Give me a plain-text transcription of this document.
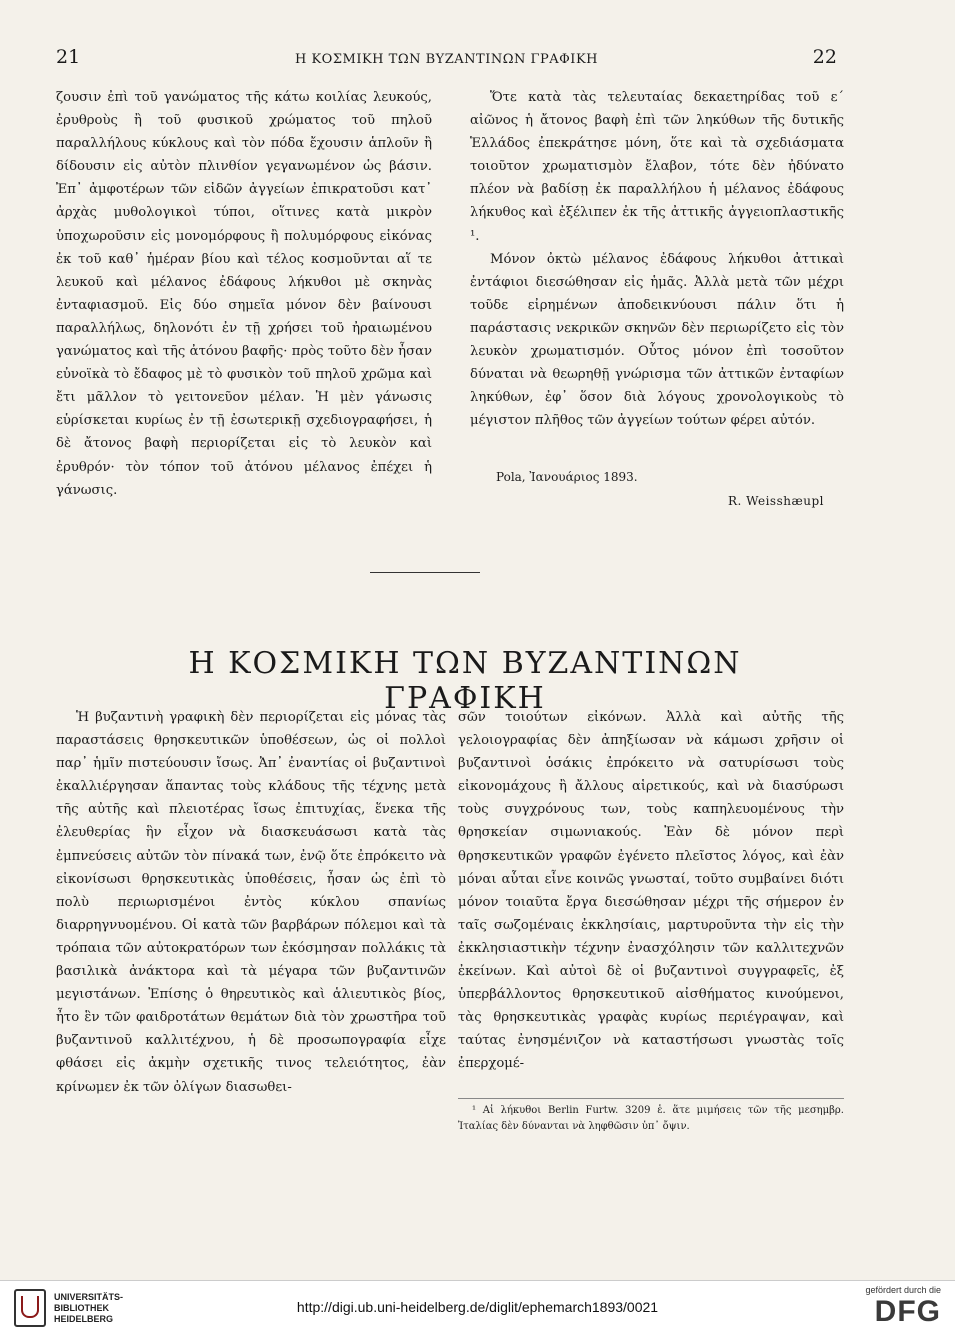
21	Η ΚΟΣΜΙΚΗ ΤΩΝ ΒΥΖΑΝΤΙΝΩΝ ΓΡΑΦΙΚΗ	22

ζουσιν ἐπὶ τοῦ γανώματος τῆς κάτω κοιλίας λευκούς, ἐρυθροὺς ἢ τοῦ φυσικοῦ χρώματος τοῦ πηλοῦ παραλλήλους κύκλους καὶ τὸν πόδα ἔχουσιν ἁπλοῦν ἢ δίδουσιν εἰς αὐτὸν πλινθίον γεγανωμένον ὡς βάσιν. Ἐπ᾽ ἀμφοτέρων τῶν εἰδῶν ἀγγείων ἐπικρατοῦσι κατ᾽ ἀρχὰς μυθολογικοὶ τύποι, οἵτινες κατὰ μικρὸν ὑποχωροῦσιν εἰς μονομόρφους ἢ πολυμόρφους εἰκόνας ἐκ τοῦ καθ᾽ ἡμέραν βίου καὶ τέλος κοσμοῦνται αἵ τε λευκοῦ καὶ μέλανος ἐδάφους λήκυθοι μὲ σκηνὰς ἐνταφιασμοῦ. Εἰς δύο σημεῖα μόνον δὲν βαίνουσι παραλλήλως, δηλονότι ἐν τῇ χρήσει τοῦ ἠραιωμένου γανώματος καὶ τῆς ἀτόνου βαφῆς· πρὸς τοῦτο δὲν ἦσαν εὐνοϊκὰ τὸ ἔδαφος μὲ τὸ φυσικὸν τοῦ πηλοῦ χρῶμα καὶ ἔτι μᾶλλον τὸ γειτονεῦον μέλαν. Ἡ μὲν γάνωσις εὑρίσκεται κυρίως ἐν τῇ ἐσωτερικῇ σχεδιογραφήσει, ἡ δὲ ἄτονος βαφὴ περιορίζεται εἰς τὸ λευκὸν καὶ ἐρυθρόν· τὸν τόπον τοῦ ἀτόνου μέλανος ἐπέχει ἡ γάνωσις.

Ὅτε κατὰ τὰς τελευταίας δεκαετηρίδας τοῦ ε´ αἰῶνος ἡ ἄτονος βαφὴ ἐπὶ τῶν ληκύθων τῆς δυτικῆς Ἑλλάδος ἐπεκράτησε μόνη, ὅτε καὶ τὰ σχεδιάσματα τοιοῦτον χρωματισμὸν ἔλαβον, τότε δὲν ἠδύνατο πλέον νὰ βαδίσῃ ἐκ παραλλήλου ἡ μέλανος ἐδάφους λήκυθος καὶ ἐξέλιπεν ἐκ τῆς ἀττικῆς ἀγγειοπλαστικῆς ¹.

Μόνον ὀκτὼ μέλανος ἐδάφους λήκυθοι ἀττικαὶ ἐντάφιοι διεσώθησαν εἰς ἡμᾶς. Ἀλλὰ μετὰ τῶν μέχρι τοῦδε εἰρημένων ἀποδεικνύουσι πάλιν ὅτι ἡ παράστασις νεκρικῶν σκηνῶν δὲν περιωρίζετο εἰς τὸν λευκὸν χρωματισμόν. Οὗτος μόνον ἐπὶ τοσοῦτον δύναται νὰ θεωρηθῇ γνώρισμα τῶν ἀττικῶν ἐνταφίων ληκύθων, ἐφ᾽ ὅσον διὰ λόγους χρονολογικοὺς τὸ μέγιστον πλῆθος τῶν ἀγγείων τούτων φέρει αὐτόν.

Pola, Ἰανουάριος 1893.
R. Weisshæupl
Η ΚΟΣΜΙΚΗ ΤΩΝ ΒΥΖΑΝΤΙΝΩΝ ΓΡΑΦΙΚΗ

Ἡ βυζαντινὴ γραφικὴ δὲν περιορίζεται εἰς μόνας τὰς παραστάσεις θρησκευτικῶν ὑποθέσεων, ὡς οἱ πολλοὶ παρ᾽ ἡμῖν πιστεύουσιν ἴσως. Ἀπ᾽ ἐναντίας οἱ βυζαντινοὶ ἐκαλλιέργησαν ἅπαντας τοὺς κλάδους τῆς τέχνης μετὰ τῆς αὐτῆς καὶ πλειοτέρας ἴσως ἐπιτυχίας, ἕνεκα τῆς ἐλευθερίας ἣν εἶχον νὰ διασκευάσωσι κατὰ τὰς ἐμπνεύσεις αὐτῶν τὸν πίνακά των, ἐνῷ ὅτε ἐπρόκειτο νὰ εἰκονίσωσι θρησκευτικὰς ὑποθέσεις, ἦσαν ὡς ἐπὶ τὸ πολὺ περιωρισμένοι ἐντὸς κύκλου σπανίως διαρρηγνυομένου. Οἱ κατὰ τῶν βαρβάρων πόλεμοι καὶ τὰ τρόπαια τῶν αὐτοκρατόρων των ἐκόσμησαν πολλάκις τὰ βασιλικὰ ἀνάκτορα καὶ τὰ μέγαρα τῶν βυζαντινῶν μεγιστάνων. Ἐπίσης ὁ θηρευτικὸς καὶ ἁλιευτικὸς βίος, ἦτο ἓν τῶν φαιδροτάτων θεμάτων διὰ τὸν χρωστῆρα τοῦ βυζαντινοῦ καλλιτέχνου, ἡ δὲ προσωπογραφία εἶχε φθάσει εἰς ἀκμὴν σχετικῆς τινος τελειότητος, ἐὰν κρίνωμεν ἐκ τῶν ὀλίγων διασωθει-

σῶν τοιούτων εἰκόνων. Ἀλλὰ καὶ αὐτῆς τῆς γελοιογραφίας δὲν ἀπηξίωσαν νὰ κάμωσι χρῆσιν οἱ βυζαντινοὶ ὁσάκις ἐπρόκειτο νὰ σατυρίσωσι τοὺς εἰκονομάχους ἢ ἄλλους αἱρετικούς, καὶ νὰ διασύρωσι τοὺς συγχρόνους των, τοὺς καπηλευομένους τὴν θρησκείαν σιμωνιακούς. Ἐὰν δὲ μόνον περὶ θρησκευτικῶν γραφῶν ἐγένετο πλεῖστος λόγος, καὶ ἐὰν μόναι αὗται εἶνε κοινῶς γνωσταί, τοῦτο συμβαίνει διότι μόνον τοιαῦτα ἔργα διεσώθησαν μέχρι τῆς σήμερον ἐν ταῖς σωζομέναις ἐκκλησίαις, μαρτυροῦντα τὴν εἰς τὴν ἐκκλησιαστικὴν τέχνην ἐνασχόλησιν τῶν καλλιτεχνῶν ἐκείνων. Καὶ αὐτοὶ δὲ οἱ βυζαντινοὶ συγγραφεῖς, ἐξ ὑπερβάλλοντος θρησκευτικοῦ αἰσθήματος κινούμενοι, τὰς θρησκευτικὰς γραφὰς κυρίως περιέγραψαν, καὶ ταύτας ἐνησμένιζον νὰ καταστήσωσι γνωστὰς τοῖς ἐπερχομέ-

¹ Αἱ λήκυθοι Berlin Furtw. 3209 ἑ. ἅτε μιμήσεις τῶν τῆς μεσημβρ. Ἰταλίας δὲν δύνανται νὰ ληφθῶσιν ὑπ᾽ ὄψιν.

UNIVERSITÄTS-
BIBLIOTHEK
HEIDELBERG
http://digi.ub.uni-heidelberg.de/diglit/ephemarch1893/0021
gefördert durch die
DFG
